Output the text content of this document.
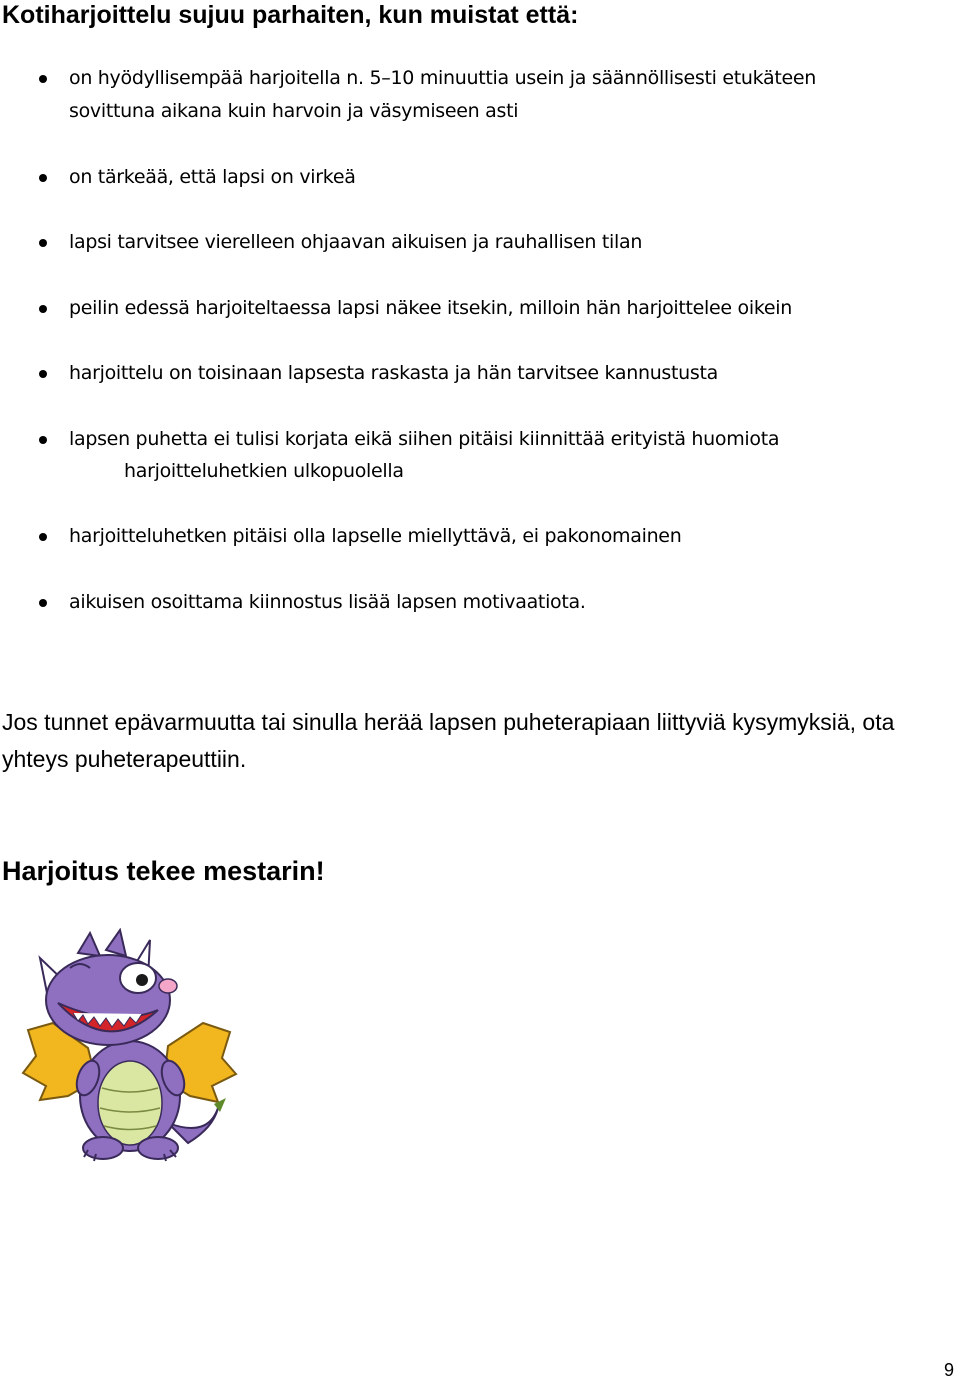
Kotiharjoittelu sujuu parhaiten, kun muistat että:
on hyödyllisempää harjoitella n. 5–10 minuuttia usein ja säännöllisesti etukäteen
sovittuna aikana kuin harvoin ja väsymiseen asti
on tärkeää, että lapsi on virkeä
lapsi tarvitsee vierelleen ohjaavan aikuisen ja rauhallisen tilan
peilin edessä harjoiteltaessa lapsi näkee itsekin, milloin hän harjoittelee oikein
harjoittelu on toisinaan lapsesta raskasta ja hän tarvitsee kannustusta
lapsen puhetta ei tulisi korjata eikä siihen pitäisi kiinnittää erityistä huomiota
harjoitteluhetkien ulkopuolella
harjoitteluhetken pitäisi olla lapselle miellyttävä, ei pakonomainen
aikuisen osoittama kiinnostus lisää lapsen motivaatiota.

Jos tunnet epävarmuutta tai sinulla herää lapsen puheterapiaan liittyviä kysymyksiä, ota

yhteys puheterapeuttiin.

Harjoitus tekee mestarin!
9
